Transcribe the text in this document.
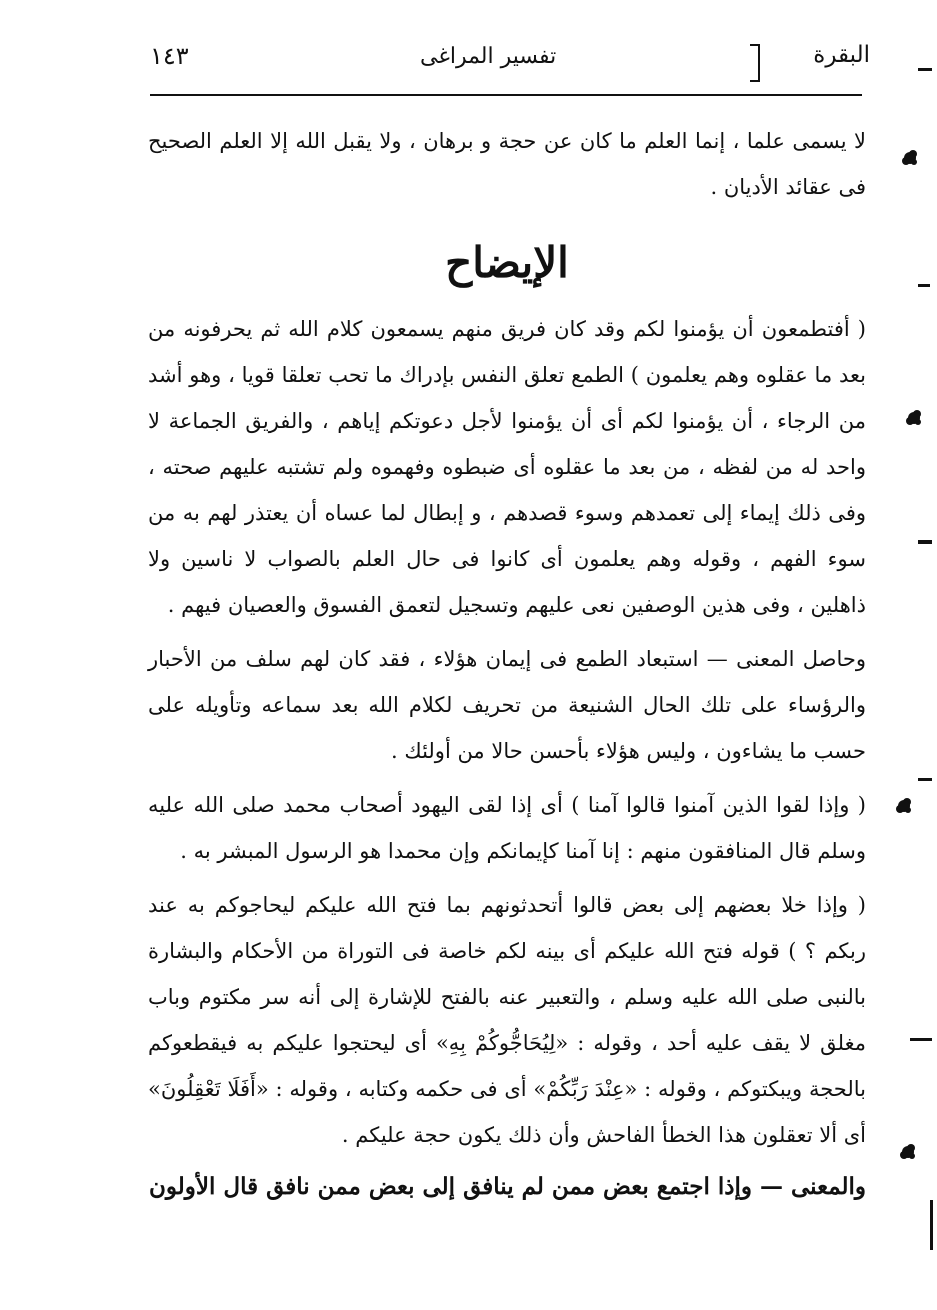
١٤٣	تفسير المراغى	البقرة

لا يسمى علما ، إنما العلم ما كان عن حجة و برهان ، ولا يقبل الله إلا العلم الصحيح فى عقائد الأديان .

الإيضاح

( أفتطمعون أن يؤمنوا لكم وقد كان فريق منهم يسمعون كلام الله ثم يحرفونه من بعد ما عقلوه وهم يعلمون ) الطمع تعلق النفس بإدراك ما تحب تعلقا قويا ، وهو أشد من الرجاء ، أن يؤمنوا لكم أى أن يؤمنوا لأجل دعوتكم إياهم ، والفريق الجماعة لا واحد له من لفظه ، من بعد ما عقلوه أى ضبطوه وفهموه ولم تشتبه عليهم صحته ، وفى ذلك إيماء إلى تعمدهم وسوء قصدهم ، و إبطال لما عساه أن يعتذر لهم به من سوء الفهم ، وقوله وهم يعلمون أى كانوا فى حال العلم بالصواب لا ناسين ولا ذاهلين ، وفى هذين الوصفين نعى عليهم وتسجيل لتعمق الفسوق والعصيان فيهم .

وحاصل المعنى — استبعاد الطمع فى إيمان هؤلاء ، فقد كان لهم سلف من الأحبار والرؤساء على تلك الحال الشنيعة من تحريف لكلام الله بعد سماعه وتأويله على حسب ما يشاءون ، وليس هؤلاء بأحسن حالا من أولئك .

( وإذا لقوا الذين آمنوا قالوا آمنا ) أى إذا لقى اليهود أصحاب محمد صلى الله عليه وسلم قال المنافقون منهم : إنا آمنا كإيمانكم وإن محمدا هو الرسول المبشر به .

( وإذا خلا بعضهم إلى بعض قالوا أتحدثونهم بما فتح الله عليكم ليحاجوكم به عند ربكم ؟ ) قوله فتح الله عليكم أى بينه لكم خاصة فى التوراة من الأحكام والبشارة بالنبى صلى الله عليه وسلم ، والتعبير عنه بالفتح للإشارة إلى أنه سر مكتوم وباب مغلق لا يقف عليه أحد ، وقوله : «لِيُحَاجُّوكُمْ بِهِ» أى ليحتجوا عليكم به فيقطعوكم بالحجة ويبكتوكم ، وقوله : «عِنْدَ رَبِّكُمْ» أى فى حكمه وكتابه ، وقوله : «أَفَلَا تَعْقِلُونَ» أى ألا تعقلون هذا الخطأ الفاحش وأن ذلك يكون حجة عليكم .

والمعنى — وإذا اجتمع بعض ممن لم ينافق إلى بعض ممن نافق قال الأولون
